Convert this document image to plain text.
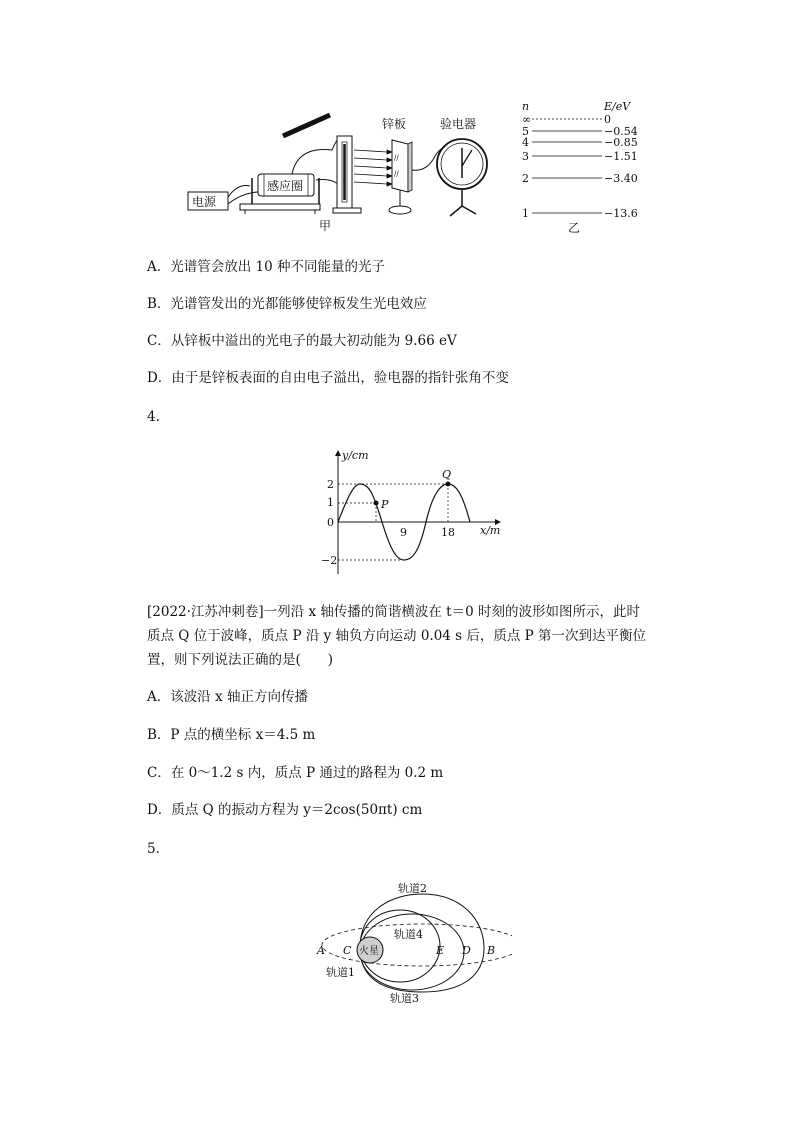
电源
感应圈
甲
//
//
锌板	验电器
n	E/eV
∞	0
5	−0.54
4	−0.85
3	−1.51
2	−3.40
1	−13.6
乙
A．光谱管会放出 10 种不同能量的光子
B．光谱管发出的光都能够使锌板发生光电效应
C．从锌板中溢出的光电子的最大初动能为 9.66 eV
D．由于是锌板表面的自由电子溢出，验电器的指针张角不变
4.
y/cm
x/m
2
1
0
−2
9	18
P
Q
[2022·江苏冲刺卷]一列沿 x 轴传播的简谐横波在 t＝0 时刻的波形如图所示，此时质点 Q 位于波峰，质点 P 沿 y 轴负方向运动 0.04 s 后，质点 P 第一次到达平衡位置，则下列说法正确的是(　　)
A．该波沿 x 轴正方向传播
B．P 点的横坐标 x＝4.5 m
C．在 0～1.2 s 内，质点 P 通过的路程为 0.2 m
D．质点 Q 的振动方程为 y＝2cos(50πt) cm
5.
火星
轨道2
轨道4
轨道1
轨道3
A C	E D B
